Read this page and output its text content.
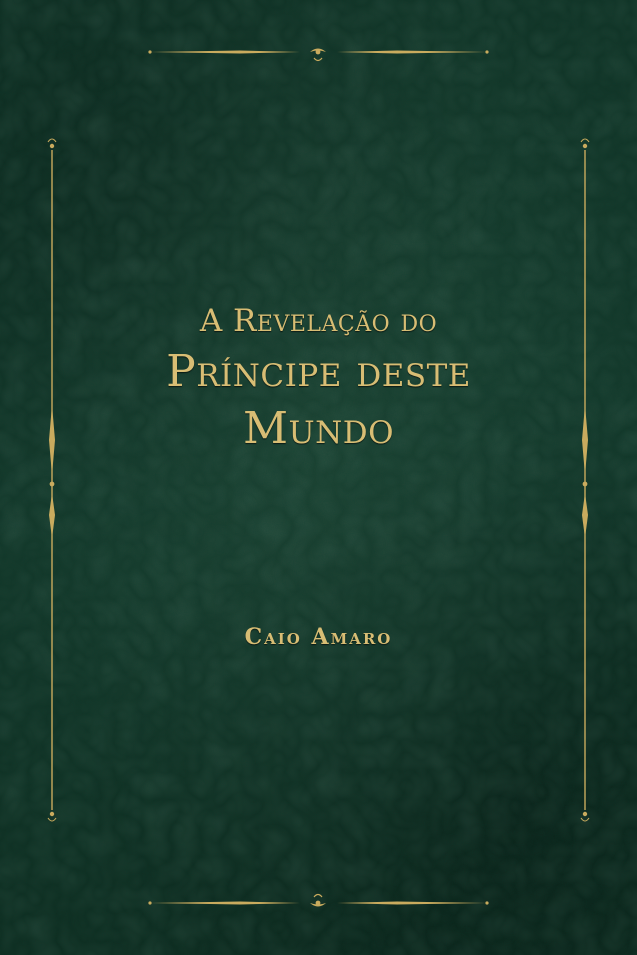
A Revelação do
Príncipe deste
Mundo
Caio Amaro
